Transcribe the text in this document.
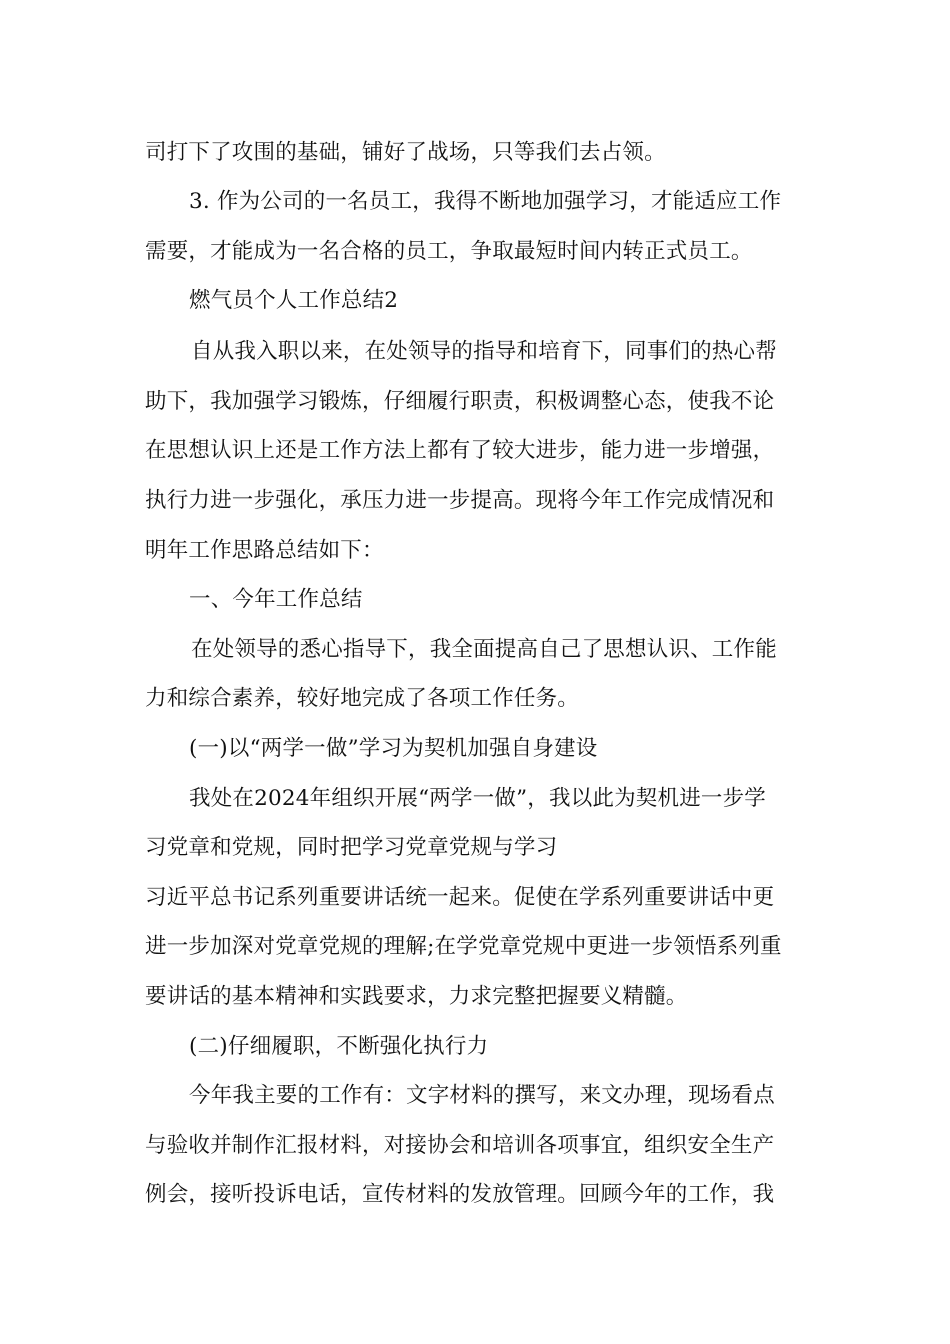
司打下了攻围的基础，铺好了战场，只等我们去占领。
3. 作为公司的一名员工，我得不断地加强学习，才能适应工作
需要，才能成为一名合格的员工，争取最短时间内转正式员工。
燃气员个人工作总结2
自从我入职以来，在处领导的指导和培育下，同事们的热心帮
助下，我加强学习锻炼，仔细履行职责，积极调整心态，使我不论
在思想认识上还是工作方法上都有了较大进步，能力进一步增强，
执行力进一步强化，承压力进一步提高。现将今年工作完成情况和
明年工作思路总结如下：
一、今年工作总结
在处领导的悉心指导下，我全面提高自己了思想认识、工作能
力和综合素养，较好地完成了各项工作任务。
(一)以“两学一做”学习为契机加强自身建设
我处在2024年组织开展“两学一做”，我以此为契机进一步学
习党章和党规，同时把学习党章党规与学习
习近平总书记系列重要讲话统一起来。促使在学系列重要讲话中更
进一步加深对党章党规的理解;在学党章党规中更进一步领悟系列重
要讲话的基本精神和实践要求，力求完整把握要义精髓。
(二)仔细履职，不断强化执行力
今年我主要的工作有：文字材料的撰写，来文办理，现场看点
与验收并制作汇报材料，对接协会和培训各项事宜，组织安全生产
例会，接听投诉电话，宣传材料的发放管理。回顾今年的工作，我
